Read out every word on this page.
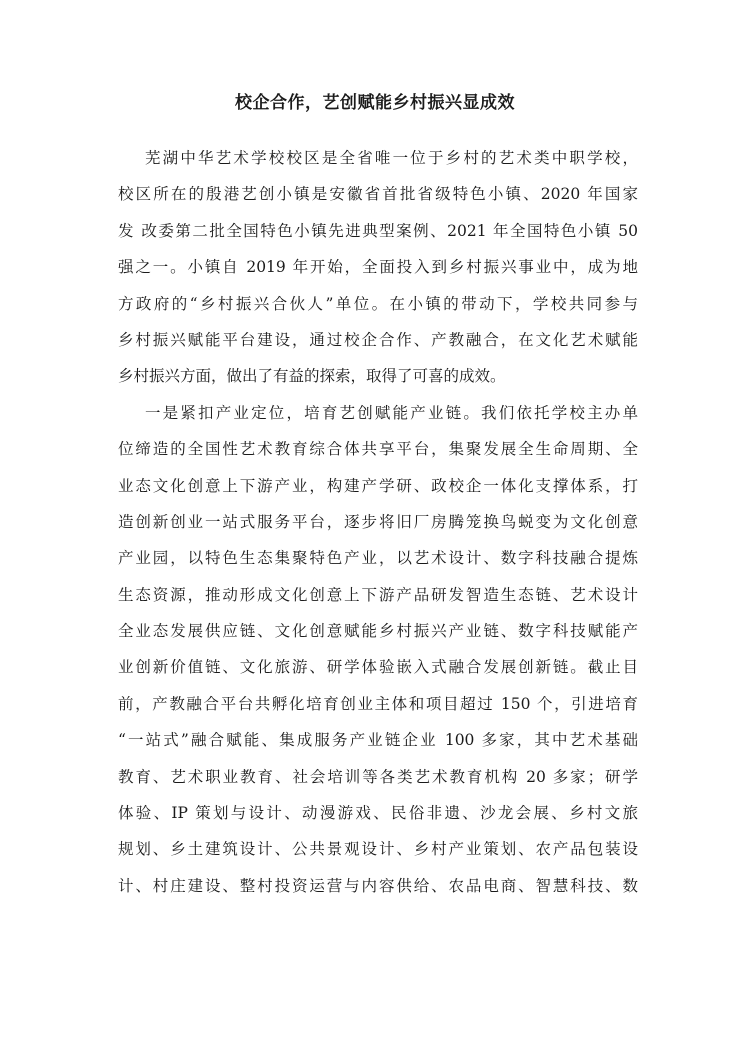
校企合作，艺创赋能乡村振兴显成效
芜湖中华艺术学校校区是全省唯一位于乡村的艺术类中职学校，
校区所在的殷港艺创小镇是安徽省首批省级特色小镇、2020 年国家
发 改委第二批全国特色小镇先进典型案例、2021 年全国特色小镇 50
强之一。小镇自 2019 年开始，全面投入到乡村振兴事业中，成为地
方政府的“乡村振兴合伙人”单位。在小镇的带动下，学校共同参与
乡村振兴赋能平台建设，通过校企合作、产教融合，在文化艺术赋能
乡村振兴方面，做出了有益的探索，取得了可喜的成效。
一是紧扣产业定位，培育艺创赋能产业链。我们依托学校主办单
位缔造的全国性艺术教育综合体共享平台，集聚发展全生命周期、全
业态文化创意上下游产业，构建产学研、政校企一体化支撑体系，打
造创新创业一站式服务平台，逐步将旧厂房腾笼换鸟蜕变为文化创意
产业园，以特色生态集聚特色产业，以艺术设计、数字科技融合提炼
生态资源，推动形成文化创意上下游产品研发智造生态链、艺术设计
全业态发展供应链、文化创意赋能乡村振兴产业链、数字科技赋能产
业创新价值链、文化旅游、研学体验嵌入式融合发展创新链。截止目
前，产教融合平台共孵化培育创业主体和项目超过 150 个，引进培育
“一站式”融合赋能、集成服务产业链企业 100 多家，其中艺术基础
教育、艺术职业教育、社会培训等各类艺术教育机构 20 多家；研学
体验、IP 策划与设计、动漫游戏、民俗非遗、沙龙会展、乡村文旅
规划、乡土建筑设计、公共景观设计、乡村产业策划、农产品包装设
计、村庄建设、整村投资运营与内容供给、农品电商、智慧科技、数
